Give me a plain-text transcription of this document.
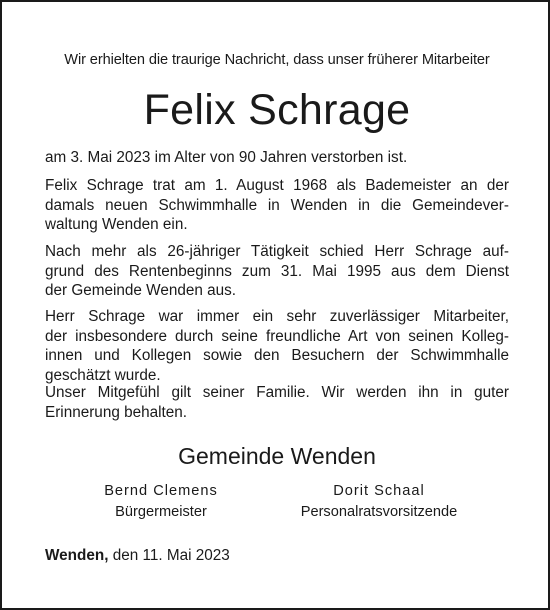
Wir erhielten die traurige Nachricht, dass unser früherer Mitarbeiter
Felix Schrage
am 3. Mai 2023 im Alter von 90 Jahren verstorben ist.
Felix Schrage trat am 1. August 1968 als Bademeister an der
damals neuen Schwimmhalle in Wenden in die Gemeindever-
waltung Wenden ein.
Nach mehr als 26-jähriger Tätigkeit schied Herr Schrage auf-
grund des Rentenbeginns zum 31. Mai 1995 aus dem Dienst
der Gemeinde Wenden aus.
Herr Schrage war immer ein sehr zuverlässiger Mitarbeiter,
der insbesondere durch seine freundliche Art von seinen Kolleg-
innen und Kollegen sowie den Besuchern der Schwimmhalle
geschätzt wurde.
Unser Mitgefühl gilt seiner Familie. Wir werden ihn in guter
Erinnerung behalten.
Gemeinde Wenden
Bernd Clemens
Bürgermeister
Dorit Schaal
Personalratsvorsitzende
Wenden, den 11. Mai 2023
